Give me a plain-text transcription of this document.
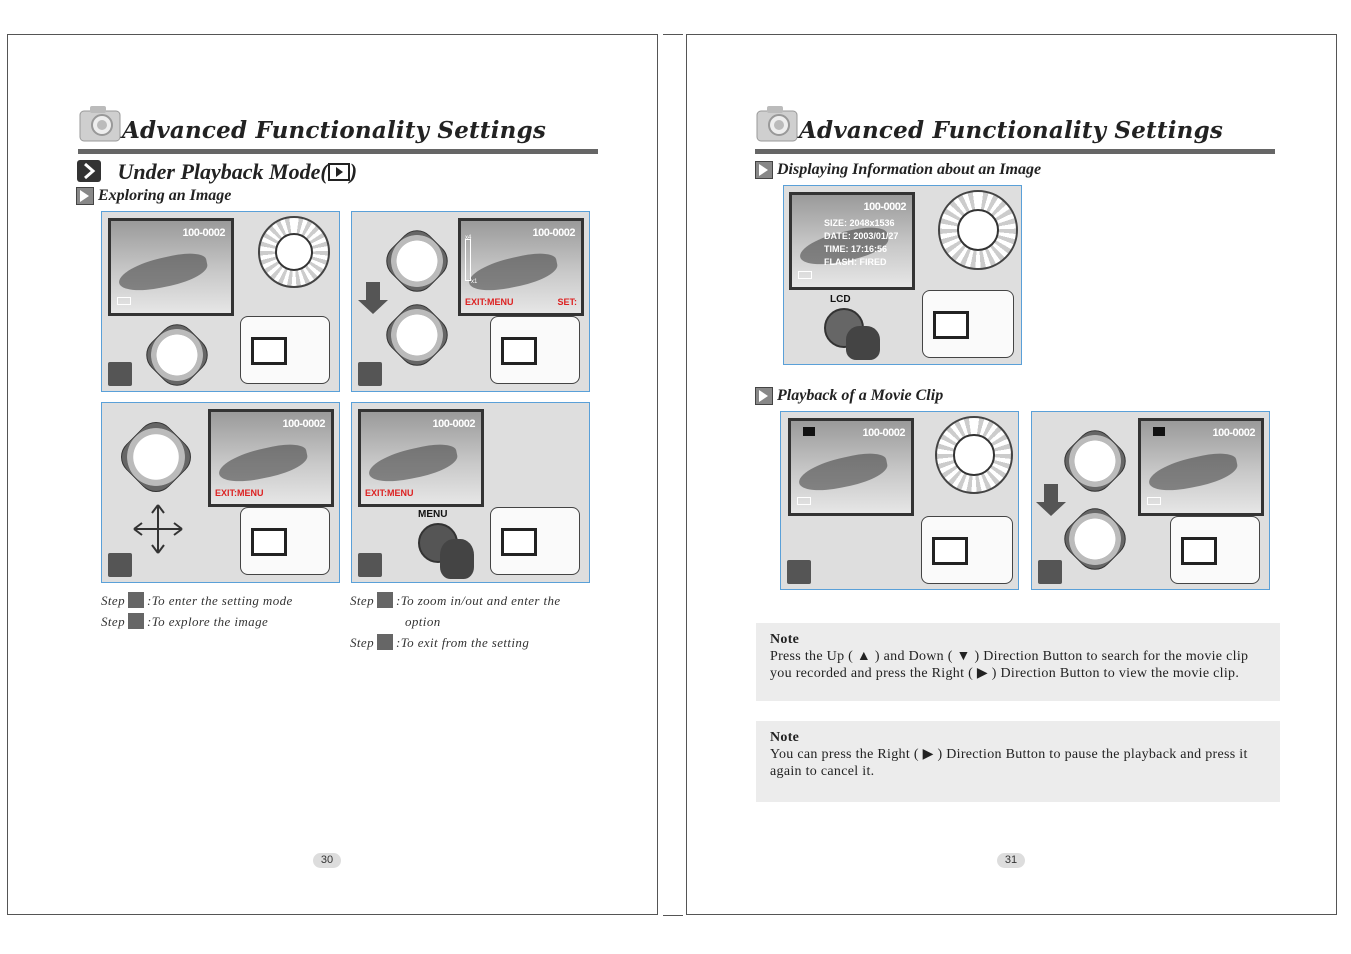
Advanced Functionality Settings
Under Playback Mode( )
Exploring an Image
100-0002	100-0002
x4
x1
EXIT:MENU	SET:
100-0002
EXIT:MENU
100-0002
EXIT:MENU
MENU
Step :To enter the setting mode
Step :To explore the image
Step :To zoom in/out and enter the
option
Step :To exit from the setting
30
Advanced Functionality Settings
Displaying Information about an Image
100-0002
SIZE: 2048x1536
DATE: 2003/01/27
TIME: 17:16:56
FLASH: FIRED
LCD
Playback of a Movie Clip
100-0002	100-0002
Note
Press the Up ( ▲ ) and Down ( ▼ ) Direction Button to search for the movie clip you recorded and press the Right ( ▶ ) Direction Button to view the movie clip.
Note
You can press the Right ( ▶ ) Direction Button to pause the playback and press it again to cancel it.
31
